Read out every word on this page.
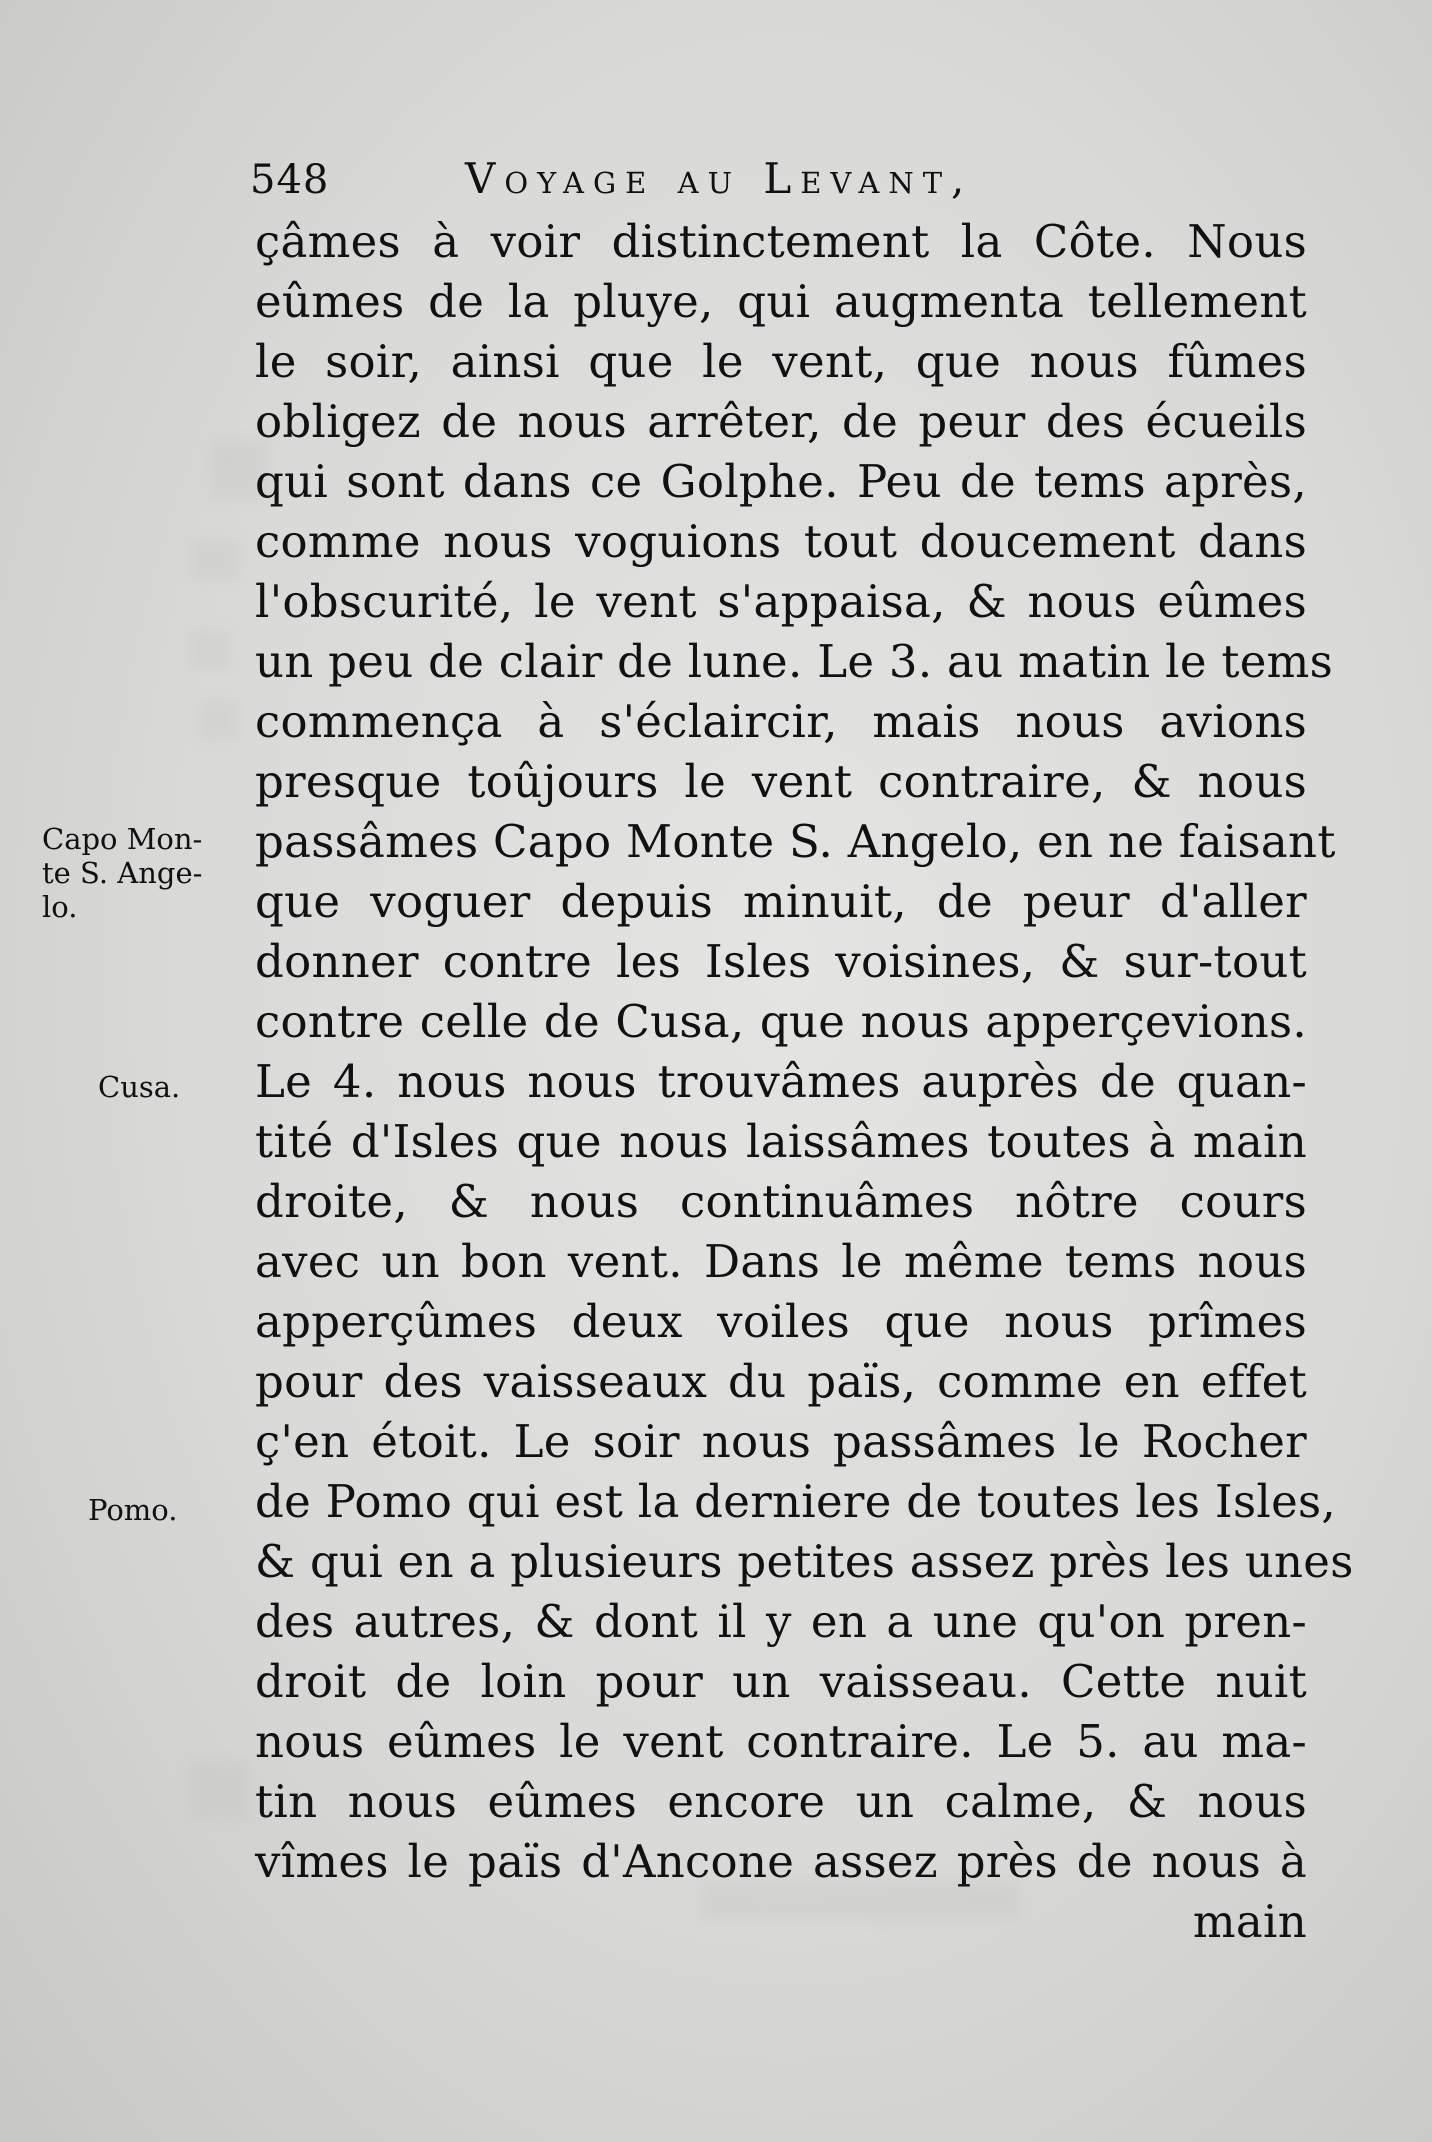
548	Voyage au Levant,
çâmes à voir distinctement la Côte. Nous
eûmes de la pluye, qui augmenta tellement
le soir, ainsi que le vent, que nous fûmes
obligez de nous arrêter, de peur des écueils
qui sont dans ce Golphe. Peu de tems après,
comme nous voguions tout doucement dans
l'obscurité, le vent s'appaisa, & nous eûmes
un peu de clair de lune. Le 3. au matin le tems
commença à s'éclaircir, mais nous avions
presque toûjours le vent contraire, & nous
passâmes Capo Monte S. Angelo, en ne faisant
que voguer depuis minuit, de peur d'aller
donner contre les Isles voisines, & sur-tout
contre celle de Cusa, que nous apperçevions.
Le 4. nous nous trouvâmes auprès de quan-
tité d'Isles que nous laissâmes toutes à main
droite, & nous continuâmes nôtre cours
avec un bon vent. Dans le même tems nous
apperçûmes deux voiles que nous prîmes
pour des vaisseaux du païs, comme en effet
ç'en étoit. Le soir nous passâmes le Rocher
de Pomo qui est la derniere de toutes les Isles,
& qui en a plusieurs petites assez près les unes
des autres, & dont il y en a une qu'on pren-
droit de loin pour un vaisseau. Cette nuit
nous eûmes le vent contraire. Le 5. au ma-
tin nous eûmes encore un calme, & nous
vîmes le païs d'Ancone assez près de nous à
main
Capo Mon-
te S. Ange-
lo.
Cusa.
Pomo.
